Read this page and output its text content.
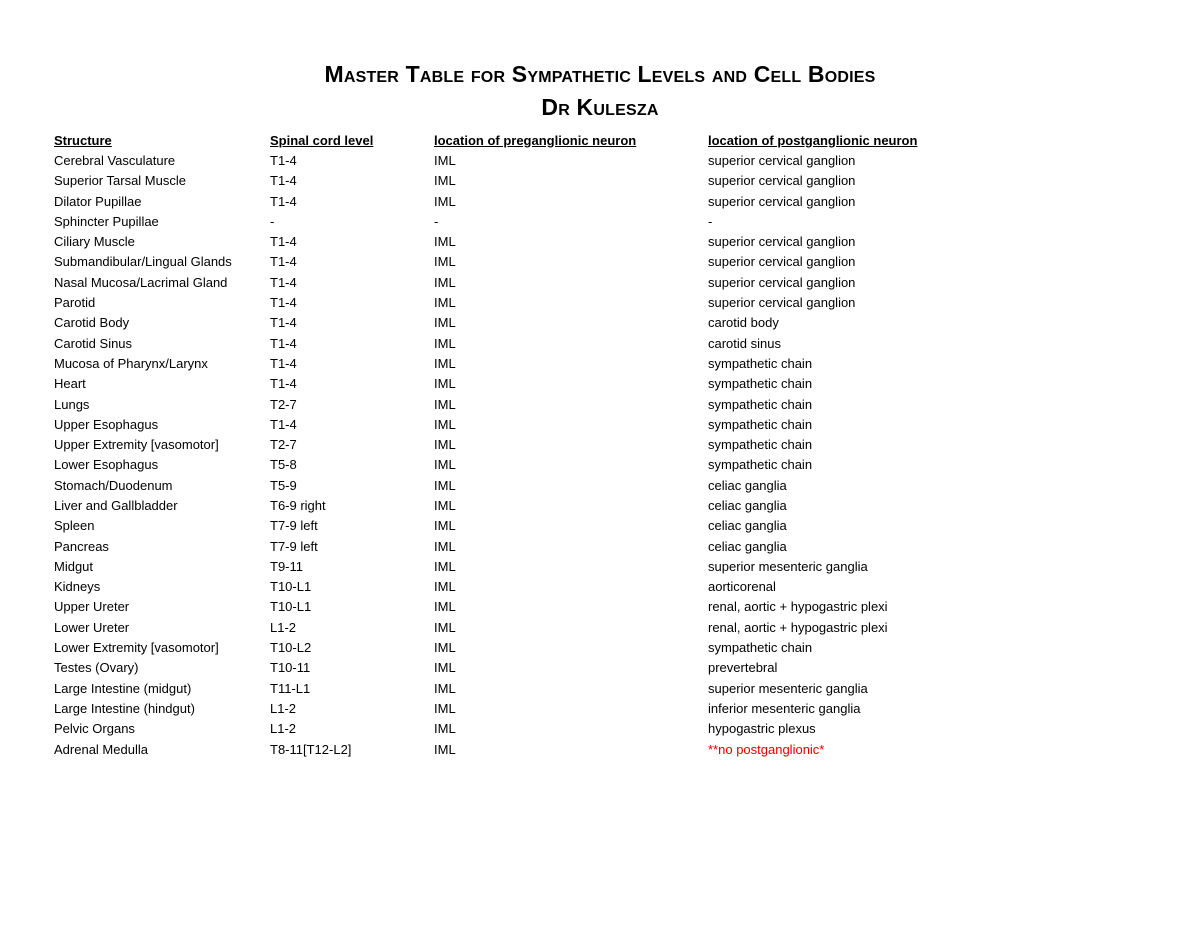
Master Table for Sympathetic Levels and Cell Bodies

Dr Kulesza

Structure	Spinal cord level	location of preganglionic neuron	location of postganglionic neuron
Cerebral Vasculature	T1-4	IML	superior cervical ganglion
Superior Tarsal Muscle	T1-4	IML	superior cervical ganglion
Dilator Pupillae	T1-4	IML	superior cervical ganglion
Sphincter Pupillae	-	-	-
Ciliary Muscle	T1-4	IML	superior cervical ganglion
Submandibular/Lingual Glands	T1-4	IML	superior cervical ganglion
Nasal Mucosa/Lacrimal Gland	T1-4	IML	superior cervical ganglion
Parotid	T1-4	IML	superior cervical ganglion
Carotid Body	T1-4	IML	carotid body
Carotid Sinus	T1-4	IML	carotid sinus
Mucosa of Pharynx/Larynx	T1-4	IML	sympathetic chain
Heart	T1-4	IML	sympathetic chain
Lungs	T2-7	IML	sympathetic chain
Upper Esophagus	T1-4	IML	sympathetic chain
Upper Extremity [vasomotor]	T2-7	IML	sympathetic chain
Lower Esophagus	T5-8	IML	sympathetic chain
Stomach/Duodenum	T5-9	IML	celiac ganglia
Liver and Gallbladder	T6-9 right	IML	celiac ganglia
Spleen	T7-9 left	IML	celiac ganglia
Pancreas	T7-9 left	IML	celiac ganglia
Midgut	T9-11	IML	superior mesenteric ganglia
Kidneys	T10-L1	IML	aorticorenal
Upper Ureter	T10-L1	IML	renal, aortic + hypogastric plexi
Lower Ureter	L1-2	IML	renal, aortic + hypogastric plexi
Lower Extremity [vasomotor]	T10-L2	IML	sympathetic chain
Testes (Ovary)	T10-11	IML	prevertebral
Large Intestine (midgut)	T11-L1	IML	superior mesenteric ganglia
Large Intestine (hindgut)	L1-2	IML	inferior mesenteric ganglia
Pelvic Organs	L1-2	IML	hypogastric plexus
Adrenal Medulla	T8-11[T12-L2]	IML	**no postganglionic*
